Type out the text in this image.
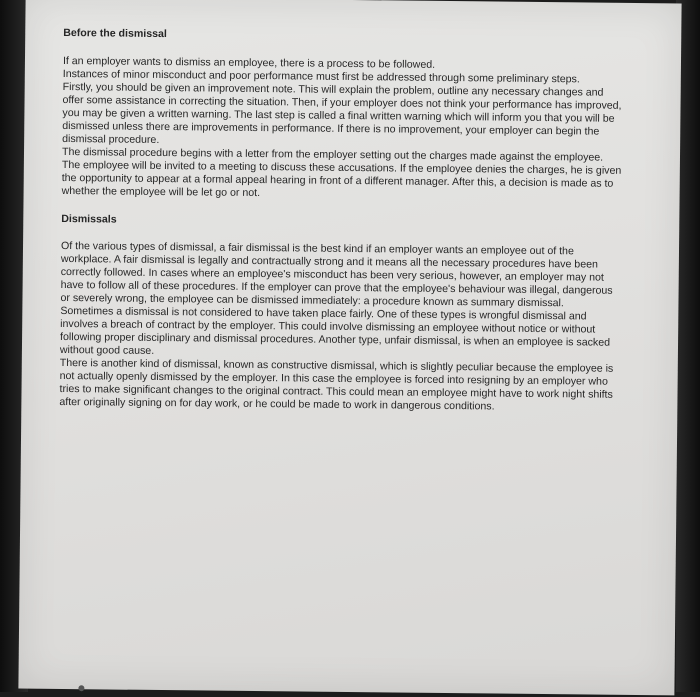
Before the dismissal

If an employer wants to dismiss an employee, there is a process to be followed.

Instances of minor misconduct and poor performance must first be addressed through some preliminary steps.

Firstly, you should be given an improvement note. This will explain the problem, outline any necessary changes and offer some assistance in correcting the situation. Then, if your employer does not think your performance has improved, you may be given a written warning. The last step is called a final written warning which will inform you that you will be dismissed unless there are improvements in performance. If there is no improvement, your employer can begin the dismissal procedure.

The dismissal procedure begins with a letter from the employer setting out the charges made against the employee. The employee will be invited to a meeting to discuss these accusations. If the employee denies the charges, he is given the opportunity to appear at a formal appeal hearing in front of a different manager. After this, a decision is made as to whether the employee will be let go or not.

Dismissals

Of the various types of dismissal, a fair dismissal is the best kind if an employer wants an employee out of the workplace. A fair dismissal is legally and contractually strong and it means all the necessary procedures have been correctly followed. In cases where an employee's misconduct has been very serious, however, an employer may not have to follow all of these procedures. If the employer can prove that the employee's behaviour was illegal, dangerous or severely wrong, the employee can be dismissed immediately: a procedure known as summary dismissal.

Sometimes a dismissal is not considered to have taken place fairly. One of these types is wrongful dismissal and involves a breach of contract by the employer. This could involve dismissing an employee without notice or without following proper disciplinary and dismissal procedures. Another type, unfair dismissal, is when an employee is sacked without good cause.

There is another kind of dismissal, known as constructive dismissal, which is slightly peculiar because the employee is not actually openly dismissed by the employer. In this case the employee is forced into resigning by an employer who tries to make significant changes to the original contract. This could mean an employee might have to work night shifts after originally signing on for day work, or he could be made to work in dangerous conditions.
